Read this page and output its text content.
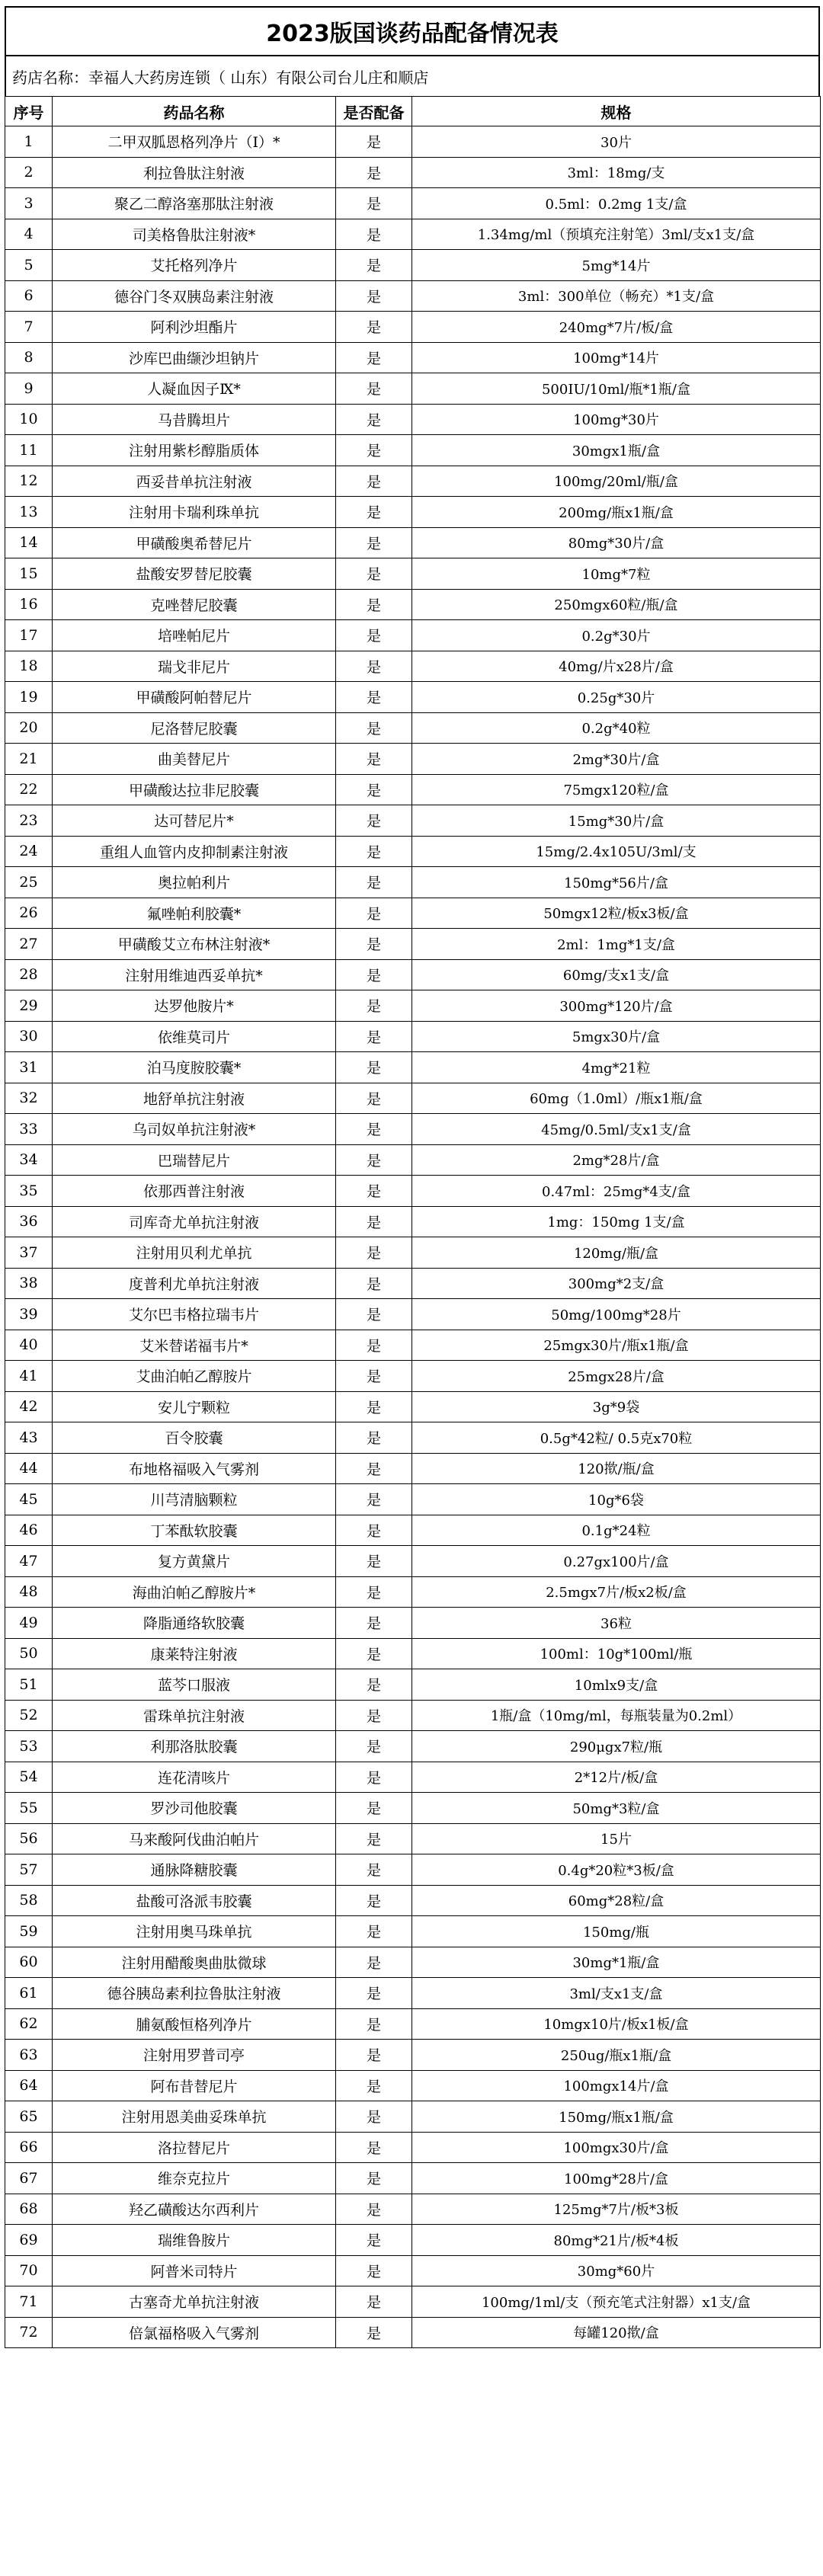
2023版国谈药品配备情况表
药店名称：幸福人大药房连锁（ 山东）有限公司台儿庄和顺店
序号	药品名称	是否配备	规格
1	二甲双胍恩格列净片（Ⅰ）*	是	30片
2	利拉鲁肽注射液	是	3ml：18mg/支
3	聚乙二醇洛塞那肽注射液	是	0.5ml：0.2mg 1支/盒
4	司美格鲁肽注射液*	是	1.34mg/ml（预填充注射笔）3ml/支x1支/盒
5	艾托格列净片	是	5mg*14片
6	德谷门冬双胰岛素注射液	是	3ml：300单位（畅充）*1支/盒
7	阿利沙坦酯片	是	240mg*7片/板/盒
8	沙库巴曲缬沙坦钠片	是	100mg*14片
9	人凝血因子Ⅸ*	是	500IU/10ml/瓶*1瓶/盒
10	马昔腾坦片	是	100mg*30片
11	注射用紫杉醇脂质体	是	30mgx1瓶/盒
12	西妥昔单抗注射液	是	100mg/20ml/瓶/盒
13	注射用卡瑞利珠单抗	是	200mg/瓶x1瓶/盒
14	甲磺酸奥希替尼片	是	80mg*30片/盒
15	盐酸安罗替尼胶囊	是	10mg*7粒
16	克唑替尼胶囊	是	250mgx60粒/瓶/盒
17	培唑帕尼片	是	0.2g*30片
18	瑞戈非尼片	是	40mg/片x28片/盒
19	甲磺酸阿帕替尼片	是	0.25g*30片
20	尼洛替尼胶囊	是	0.2g*40粒
21	曲美替尼片	是	2mg*30片/盒
22	甲磺酸达拉非尼胶囊	是	75mgx120粒/盒
23	达可替尼片*	是	15mg*30片/盒
24	重组人血管内皮抑制素注射液	是	15mg/2.4x105U/3ml/支
25	奥拉帕利片	是	150mg*56片/盒
26	氟唑帕利胶囊*	是	50mgx12粒/板x3板/盒
27	甲磺酸艾立布林注射液*	是	2ml：1mg*1支/盒
28	注射用维迪西妥单抗*	是	60mg/支x1支/盒
29	达罗他胺片*	是	300mg*120片/盒
30	依维莫司片	是	5mgx30片/盒
31	泊马度胺胶囊*	是	4mg*21粒
32	地舒单抗注射液	是	60mg（1.0ml）/瓶x1瓶/盒
33	乌司奴单抗注射液*	是	45mg/0.5ml/支x1支/盒
34	巴瑞替尼片	是	2mg*28片/盒
35	依那西普注射液	是	0.47ml：25mg*4支/盒
36	司库奇尤单抗注射液	是	1mg：150mg 1支/盒
37	注射用贝利尤单抗	是	120mg/瓶/盒
38	度普利尤单抗注射液	是	300mg*2支/盒
39	艾尔巴韦格拉瑞韦片	是	50mg/100mg*28片
40	艾米替诺福韦片*	是	25mgx30片/瓶x1瓶/盒
41	艾曲泊帕乙醇胺片	是	25mgx28片/盒
42	安儿宁颗粒	是	3g*9袋
43	百令胶囊	是	0.5g*42粒/ 0.5克x70粒
44	布地格福吸入气雾剂	是	120揿/瓶/盒
45	川芎清脑颗粒	是	10g*6袋
46	丁苯酞软胶囊	是	0.1g*24粒
47	复方黄黛片	是	0.27gx100片/盒
48	海曲泊帕乙醇胺片*	是	2.5mgx7片/板x2板/盒
49	降脂通络软胶囊	是	36粒
50	康莱特注射液	是	100ml：10g*100ml/瓶
51	蓝芩口服液	是	10mlx9支/盒
52	雷珠单抗注射液	是	1瓶/盒（10mg/ml，每瓶装量为0.2ml）
53	利那洛肽胶囊	是	290μgx7粒/瓶
54	连花清咳片	是	2*12片/板/盒
55	罗沙司他胶囊	是	50mg*3粒/盒
56	马来酸阿伐曲泊帕片	是	15片
57	通脉降糖胶囊	是	0.4g*20粒*3板/盒
58	盐酸可洛派韦胶囊	是	60mg*28粒/盒
59	注射用奥马珠单抗	是	150mg/瓶
60	注射用醋酸奥曲肽微球	是	30mg*1瓶/盒
61	德谷胰岛素利拉鲁肽注射液	是	3ml/支x1支/盒
62	脯氨酸恒格列净片	是	10mgx10片/板x1板/盒
63	注射用罗普司亭	是	250ug/瓶x1瓶/盒
64	阿布昔替尼片	是	100mgx14片/盒
65	注射用恩美曲妥珠单抗	是	150mg/瓶x1瓶/盒
66	洛拉替尼片	是	100mgx30片/盒
67	维奈克拉片	是	100mg*28片/盒
68	羟乙磺酸达尔西利片	是	125mg*7片/板*3板
69	瑞维鲁胺片	是	80mg*21片/板*4板
70	阿普米司特片	是	30mg*60片
71	古塞奇尤单抗注射液	是	100mg/1ml/支（预充笔式注射器）x1支/盒
72	倍氯福格吸入气雾剂	是	每罐120揿/盒
